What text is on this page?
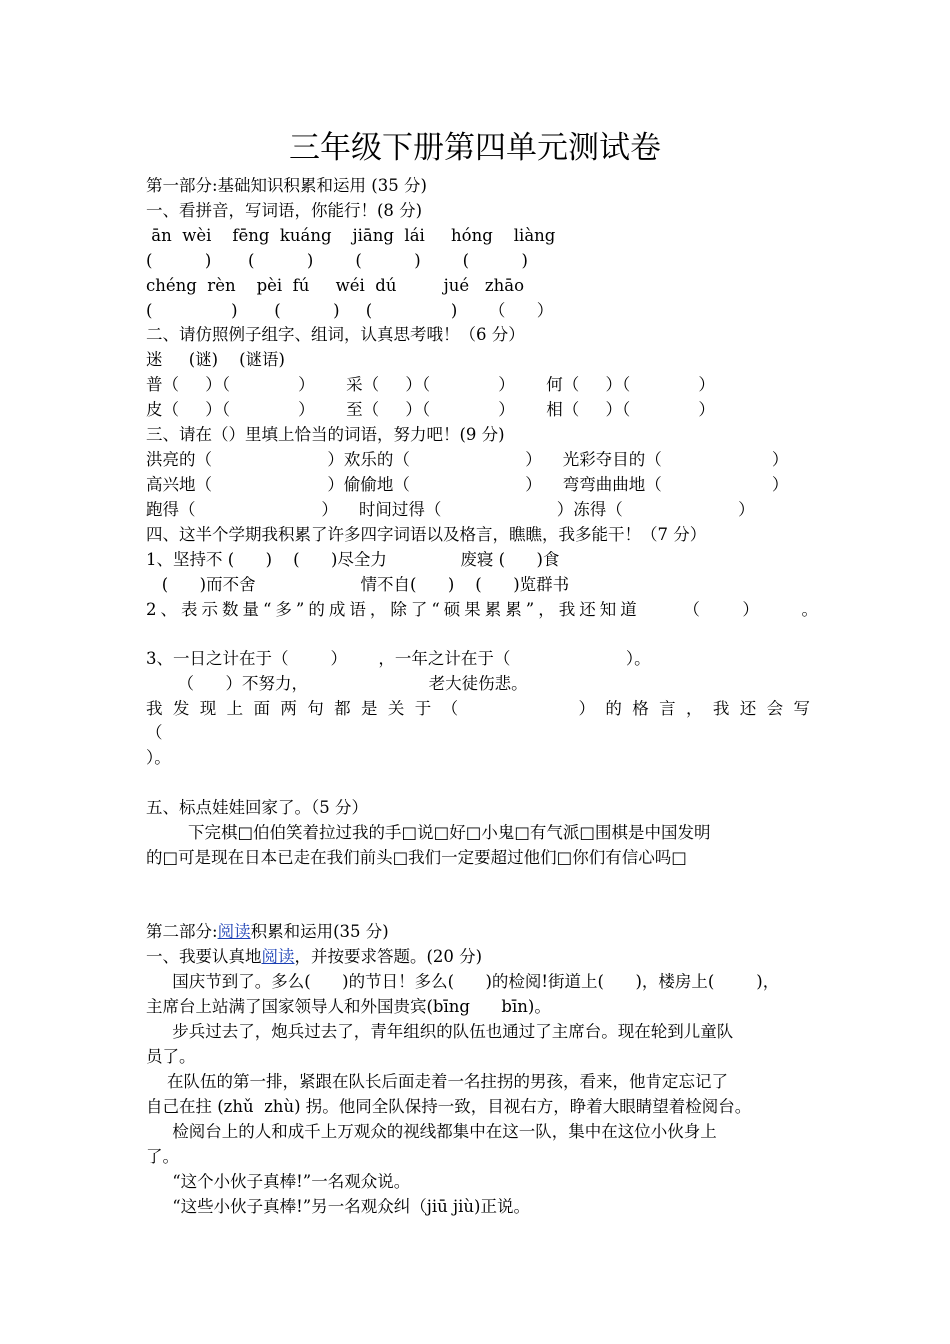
三年级下册第四单元测试卷
第一部分:基础知识积累和运用 (35 分)
一、看拼音，写词语，你能行！(8 分)
ān  wèi    fēng  kuáng    jiāng  lái     hóng    liàng
(          )       (          )        (          )        (          )
chéng  rèn    pèi  fú     wéi  dú         jué   zhāo
(               )       (          )     (               )      （      ）
二、请仿照例子组字、组词，认真思考哦！（6 分）
迷     (谜)    (谜语)
普（     ）（             ）      采（     ）（             ）      何（     ）（             ）
皮（     ）（             ）      至（     ）（             ）      相（     ）（             ）
三、请在（）里填上恰当的词语，努力吧！(9 分)
洪亮的（                      ）欢乐的（                      ）    光彩夺目的（                     ）
高兴地（                      ）偷偷地（                      ）    弯弯曲曲地（                     ）
跑得（                        ）    时间过得（                      ）冻得（                      ）
四、这半个学期我积累了许多四字词语以及格言，瞧瞧，我多能干！（7 分）
1、坚持不 (      )    (      )尽全力              废寝 (      )食
(      )而不舍                    情不自(      )    (      )览群书
2、表示数量“多”的成语，除了“硕果累累”，我还知道	（	）	。
3、一日之计在于（        ）      ，一年之计在于（                      ）。
（      ）不努力，                       老大徒伤悲。
我 发 现 上 面 两 句 都 是 关 于 （	） 的 格 言 ， 我 还 会 写
（
）。
五、标点娃娃回家了。（5 分）
下完棋□伯伯笑着拉过我的手□说□好□小鬼□有气派□围棋是中国发明
的□可是现在日本已走在我们前头□我们一定要超过他们□你们有信心吗□
第二部分:阅读积累和运用(35 分)
一、我要认真地阅读，并按要求答题。(20 分)
国庆节到了。多么(      )的节日！多么(      )的检阅!街道上(      )，楼房上(        )，
主席台上站满了国家领导人和外国贵宾(bīng      bīn)。
步兵过去了，炮兵过去了，青年组织的队伍也通过了主席台。现在轮到儿童队
员了。
在队伍的第一排，紧跟在队长后面走着一名拄拐的男孩，看来，他肯定忘记了
自己在拄 (zhǔ  zhù) 拐。他同全队保持一致，目视右方，睁着大眼睛望着检阅台。
检阅台上的人和成千上万观众的视线都集中在这一队，集中在这位小伙身上
了。
“这个小伙子真棒!”一名观众说。
“这些小伙子真棒!”另一名观众纠（jiū jiù)正说。
